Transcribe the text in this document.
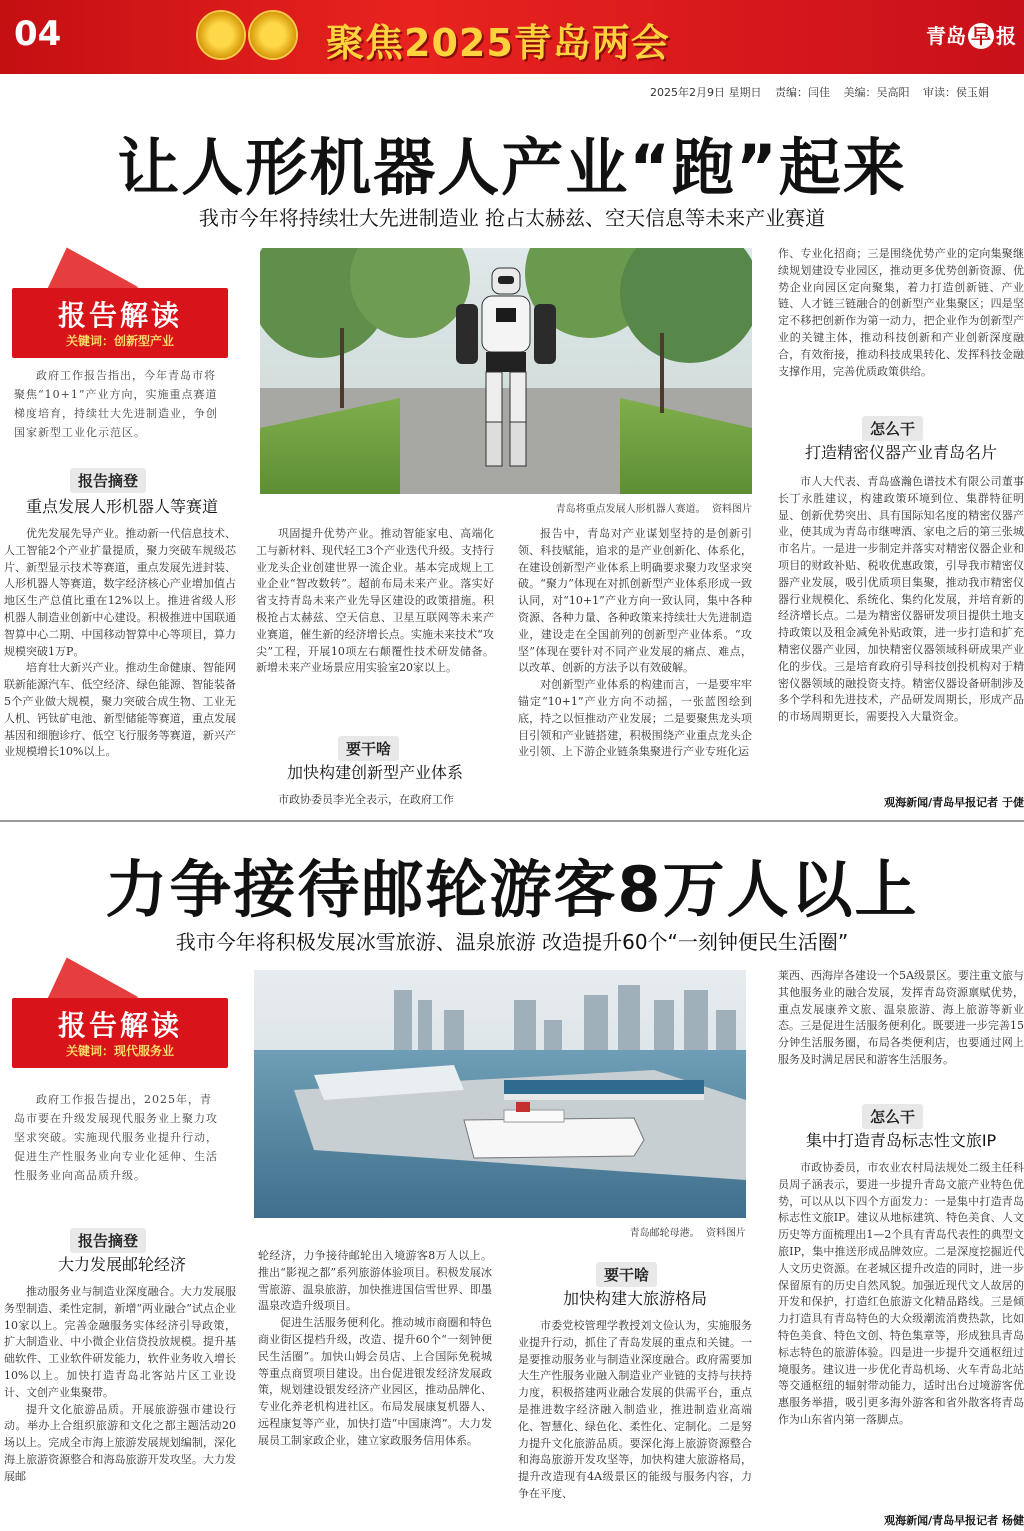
04	聚焦2025青岛两会	青岛 早 报
2025年2月9日 星期日 责编：闫佳 美编：吴高阳 审读：侯玉娟
让人形机器人产业“跑”起来
我市今年将持续壮大先进制造业 抢占太赫兹、空天信息等未来产业赛道
报告解读
关键词：创新型产业
政府工作报告指出，今年青岛市将聚焦“10+1”产业方向，实施重点赛道梯度培育，持续壮大先进制造业，争创国家新型工业化示范区。
报告摘登
重点发展人形机器人等赛道

优先发展先导产业。推动新一代信息技术、人工智能2个产业扩量提质，聚力突破车规级芯片、新型显示技术等赛道，重点发展先进封装、人形机器人等赛道，数字经济核心产业增加值占地区生产总值比重在12%以上。推进省级人形机器人制造业创新中心建设。积极推进中国联通智算中心二期、中国移动智算中心等项目，算力规模突破1万P。

培育壮大新兴产业。推动生命健康、智能网联新能源汽车、低空经济、绿色能源、智能装备5个产业做大规模，聚力突破合成生物、工业无人机、钙钛矿电池、新型储能等赛道，重点发展基因和细胞诊疗、低空飞行服务等赛道，新兴产业规模增长10%以上。

青岛将重点发展人形机器人赛道。 资料图片

巩固提升优势产业。推动智能家电、高端化工与新材料、现代轻工3个产业迭代升级。支持行业龙头企业创建世界一流企业。基本完成规上工业企业“智改数转”。超前布局未来产业。落实好省支持青岛未来产业先导区建设的政策措施。积极抢占太赫兹、空天信息、卫星互联网等未来产业赛道，催生新的经济增长点。实施未来技术“攻尖”工程，开展10项左右颠覆性技术研发储备。新增未来产业场景应用实验室20家以上。

要干啥
加快构建创新型产业体系

市政协委员李光全表示，在政府工作

报告中，青岛对产业谋划坚持的是创新引领、科技赋能，追求的是产业创新化、体系化，在建设创新型产业体系上明确要求聚力攻坚求突破。“聚力”体现在对抓创新型产业体系形成一致认同，对“10+1”产业方向一致认同，集中各种资源、各种力量、各种政策来持续壮大先进制造业，建设走在全国前列的创新型产业体系。“攻坚”体现在要针对不同产业发展的痛点、难点，以改革、创新的方法予以有效破解。

对创新型产业体系的构建而言，一是要牢牢锚定“10+1”产业方向不动摇，一张蓝图绘到底，持之以恒推动产业发展；二是要聚焦龙头项目引领和产业链搭建，积极围绕产业重点龙头企业引领、上下游企业链条集聚进行产业专班化运

作、专业化招商；三是围绕优势产业的定向集聚继续规划建设专业园区，推动更多优势创新资源、优势企业向园区定向聚集，着力打造创新链、产业链、人才链三链融合的创新型产业集聚区；四是坚定不移把创新作为第一动力，把企业作为创新型产业的关键主体，推动科技创新和产业创新深度融合，有效衔接，推动科技成果转化、发挥科技金融支撑作用，完善优质政策供给。

怎么干
打造精密仪器产业青岛名片

市人大代表、青岛盛瀚色谱技术有限公司董事长丁永胜建议，构建政策环境到位、集群特征明显、创新优势突出、具有国际知名度的精密仪器产业，使其成为青岛市继啤酒、家电之后的第三张城市名片。一是进一步制定并落实对精密仪器企业和项目的财政补贴、税收优惠政策，引导我市精密仪器产业发展，吸引优质项目集聚，推动我市精密仪器行业规模化、系统化、集约化发展，并培育新的经济增长点。二是为精密仪器研发项目提供土地支持政策以及租金减免补贴政策，进一步打造和扩充精密仪器产业园，加快精密仪器领域科研成果产业化的步伐。三是培育政府引导科技创投机构对于精密仪器领域的融投资支持。精密仪器设备研制涉及多个学科和先进技术，产品研发周期长，形成产品的市场周期更长，需要投入大量资金。

观海新闻/青岛早报记者 于倢
力争接待邮轮游客8万人以上
我市今年将积极发展冰雪旅游、温泉旅游 改造提升60个“一刻钟便民生活圈”
报告解读
关键词：现代服务业
政府工作报告提出，2025年，青岛市要在升级发展现代服务业上聚力攻坚求突破。实施现代服务业提升行动，促进生产性服务业向专业化延伸、生活性服务业向高品质升级。
报告摘登
大力发展邮轮经济

推动服务业与制造业深度融合。大力发展服务型制造、柔性定制，新增“两业融合”试点企业10家以上。完善金融服务实体经济引导政策，扩大制造业、中小微企业信贷投放规模。提升基础软件、工业软件研发能力，软件业务收入增长10%以上。加快打造青岛北客站片区工业设计、文创产业集聚带。

提升文化旅游品质。开展旅游强市建设行动。举办上合组织旅游和文化之都主题活动20场以上。完成全市海上旅游发展规划编制，深化海上旅游资源整合和海岛旅游开发攻坚。大力发展邮

青岛邮轮母港。 资料图片

轮经济，力争接待邮轮出入境游客8万人以上。推出“影视之都”系列旅游体验项目。积极发展冰雪旅游、温泉旅游，加快推进国信雪世界、即墨温泉改造升级项目。

促进生活服务便利化。推动城市商圈和特色商业街区提档升级，改造、提升60个“一刻钟便民生活圈”。加快山姆会员店、上合国际免税城等重点商贸项目建设。出台促进银发经济发展政策，规划建设银发经济产业园区，推动品牌化、专业化养老机构进社区。布局发展康复机器人、远程康复等产业，加快打造“中国康湾”。大力发展员工制家政企业，建立家政服务信用体系。

要干啥
加快构建大旅游格局

市委党校管理学教授刘文俭认为，实施服务业提升行动，抓住了青岛发展的重点和关键。一是要推动服务业与制造业深度融合。政府需要加大生产性服务业融入制造业产业链的支持与扶持力度，积极搭建两业融合发展的供需平台，重点是推进数字经济融入制造业，推进制造业高端化、智慧化、绿色化、柔性化、定制化。二是努力提升文化旅游品质。要深化海上旅游资源整合和海岛旅游开发攻坚等，加快构建大旅游格局，提升改造现有4A级景区的能级与服务内容，力争在平度、

莱西、西海岸各建设一个5A级景区。要注重文旅与其他服务业的融合发展，发挥青岛资源禀赋优势，重点发展康养文旅、温泉旅游、海上旅游等新业态。三是促进生活服务便利化。既要进一步完善15分钟生活服务圈，布局各类便利店，也要通过网上服务及时满足居民和游客生活服务。

怎么干
集中打造青岛标志性文旅IP

市政协委员，市农业农村局法规处二级主任科员周子涵表示，要进一步提升青岛文旅产业特色优势，可以从以下四个方面发力：一是集中打造青岛标志性文旅IP。建议从地标建筑、特色美食、人文历史等方面梳理出1—2个具有青岛代表性的典型文旅IP，集中推送形成品牌效应。二是深度挖掘近代人文历史资源。在老城区提升改造的同时，进一步保留原有的历史自然风貌。加强近现代文人故居的开发和保护，打造红色旅游文化精品路线。三是倾力打造具有青岛特色的大众级潮流消费热款，比如特色美食、特色文创、特色集章等，形成独具青岛标志特色的旅游体验。四是进一步提升交通枢纽过境服务。建议进一步优化青岛机场、火车青岛北站等交通枢纽的辐射带动能力，适时出台过境游客优惠服务举措，吸引更多海外游客和省外散客将青岛作为山东省内第一落脚点。

观海新闻/青岛早报记者 杨健
